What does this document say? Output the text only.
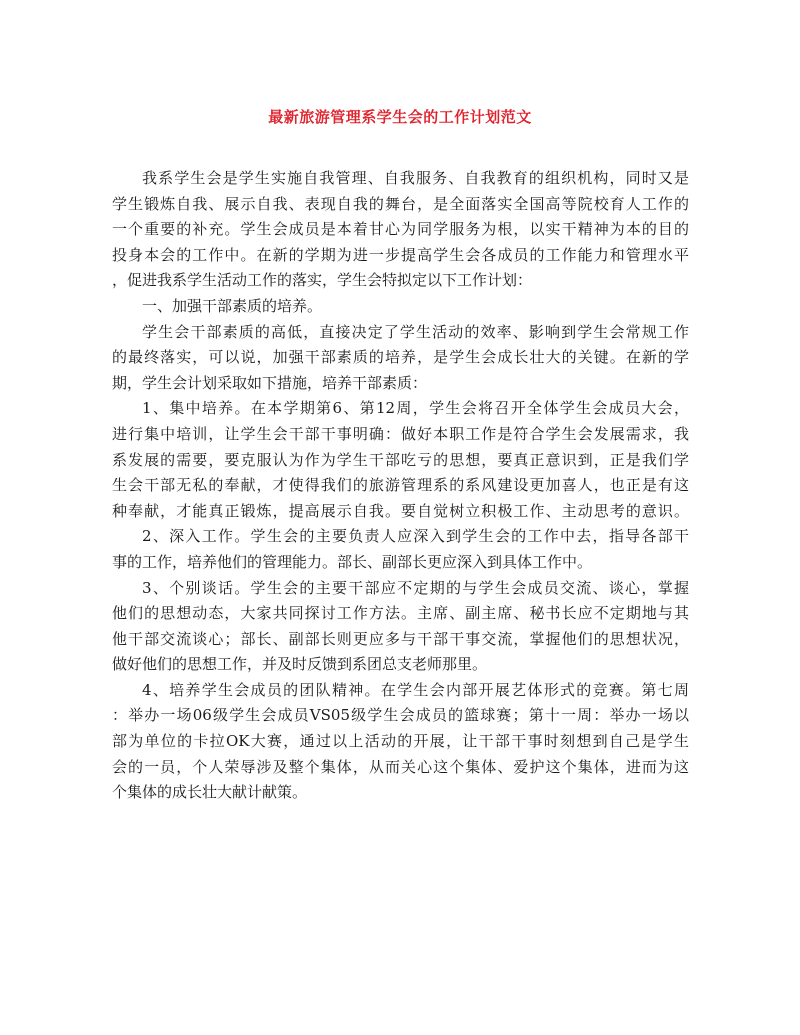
最新旅游管理系学生会的工作计划范文
我系学生会是学生实施自我管理、自我服务、自我教育的组织机构，同时又是
学生锻炼自我、展示自我、表现自我的舞台，是全面落实全国高等院校育人工作的
一个重要的补充。学生会成员是本着甘心为同学服务为根，以实干精神为本的目的
投身本会的工作中。在新的学期为进一步提高学生会各成员的工作能力和管理水平
，促进我系学生活动工作的落实，学生会特拟定以下工作计划：
一、加强干部素质的培养。
学生会干部素质的高低，直接决定了学生活动的效率、影响到学生会常规工作
的最终落实，可以说，加强干部素质的培养，是学生会成长壮大的关键。在新的学
期，学生会计划采取如下措施，培养干部素质：
1、集中培养。在本学期第6、第12周，学生会将召开全体学生会成员大会，
进行集中培训，让学生会干部干事明确：做好本职工作是符合学生会发展需求，我
系发展的需要，要克服认为作为学生干部吃亏的思想，要真正意识到，正是我们学
生会干部无私的奉献，才使得我们的旅游管理系的系风建设更加喜人，也正是有这
种奉献，才能真正锻炼，提高展示自我。要自觉树立积极工作、主动思考的意识。
2、深入工作。学生会的主要负责人应深入到学生会的工作中去，指导各部干
事的工作，培养他们的管理能力。部长、副部长更应深入到具体工作中。
3、个别谈话。学生会的主要干部应不定期的与学生会成员交流、谈心，掌握
他们的思想动态，大家共同探讨工作方法。主席、副主席、秘书长应不定期地与其
他干部交流谈心；部长、副部长则更应多与干部干事交流，掌握他们的思想状况，
做好他们的思想工作，并及时反馈到系团总支老师那里。
4、培养学生会成员的团队精神。在学生会内部开展艺体形式的竞赛。第七周
：举办一场06级学生会成员VS05级学生会成员的篮球赛；第十一周：举办一场以
部为单位的卡拉OK大赛，通过以上活动的开展，让干部干事时刻想到自己是学生
会的一员，个人荣辱涉及整个集体，从而关心这个集体、爱护这个集体，进而为这
个集体的成长壮大献计献策。
